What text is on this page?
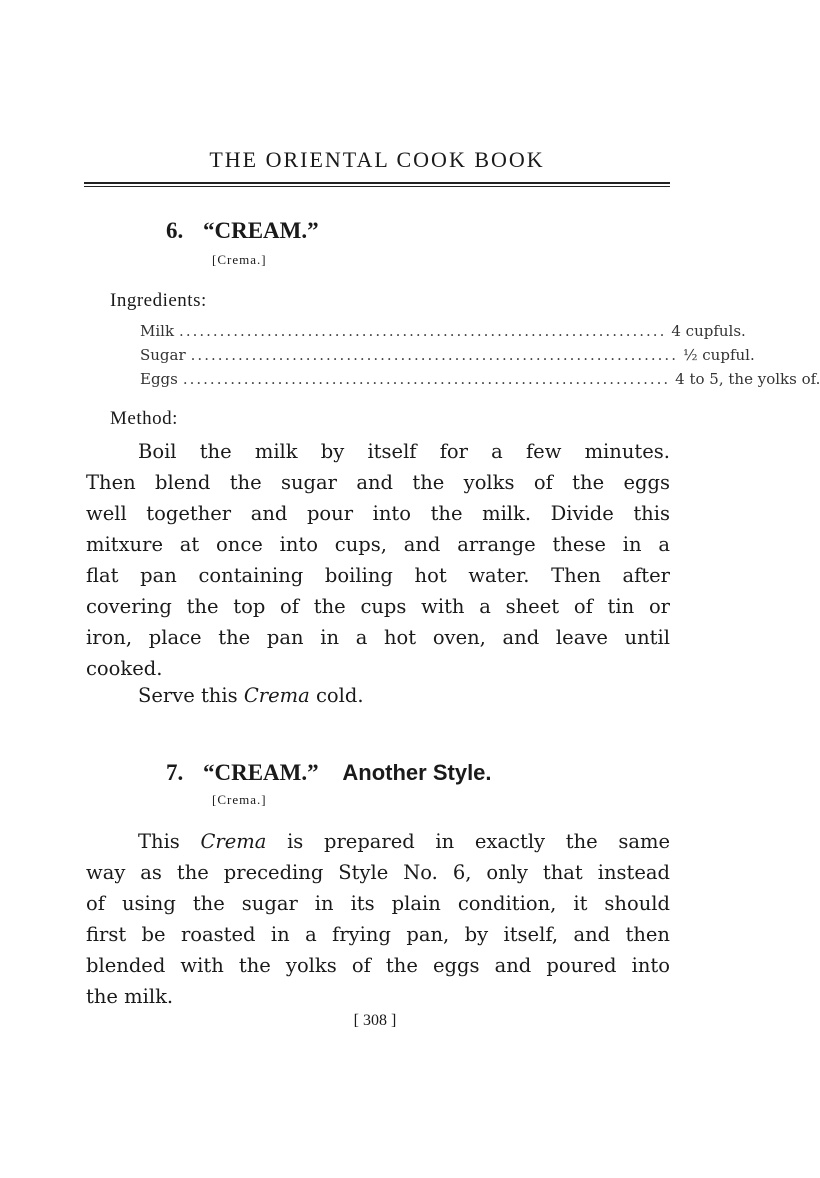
THE ORIENTAL COOK BOOK
6. “CREAM.”
[Crema.]
Ingredients:
Milk ........................................................................ 4 cupfuls.
Sugar ........................................................................ ½ cupful.
Eggs ........................................................................ 4 to 5, the yolks of.
Method:
Boil the milk by itself for a few minutes.
Then blend the sugar and the yolks of the eggs
well together and pour into the milk. Divide this
mitxure at once into cups, and arrange these in a
flat pan containing boiling hot water. Then after
covering the top of the cups with a sheet of tin or
iron, place the pan in a hot oven, and leave until
cooked.
Serve this Crema cold.
7. “CREAM.” Another Style.
[Crema.]
This Crema is prepared in exactly the same
way as the preceding Style No. 6, only that instead
of using the sugar in its plain condition, it should
first be roasted in a frying pan, by itself, and then
blended with the yolks of the eggs and poured into
the milk.
[ 308 ]
